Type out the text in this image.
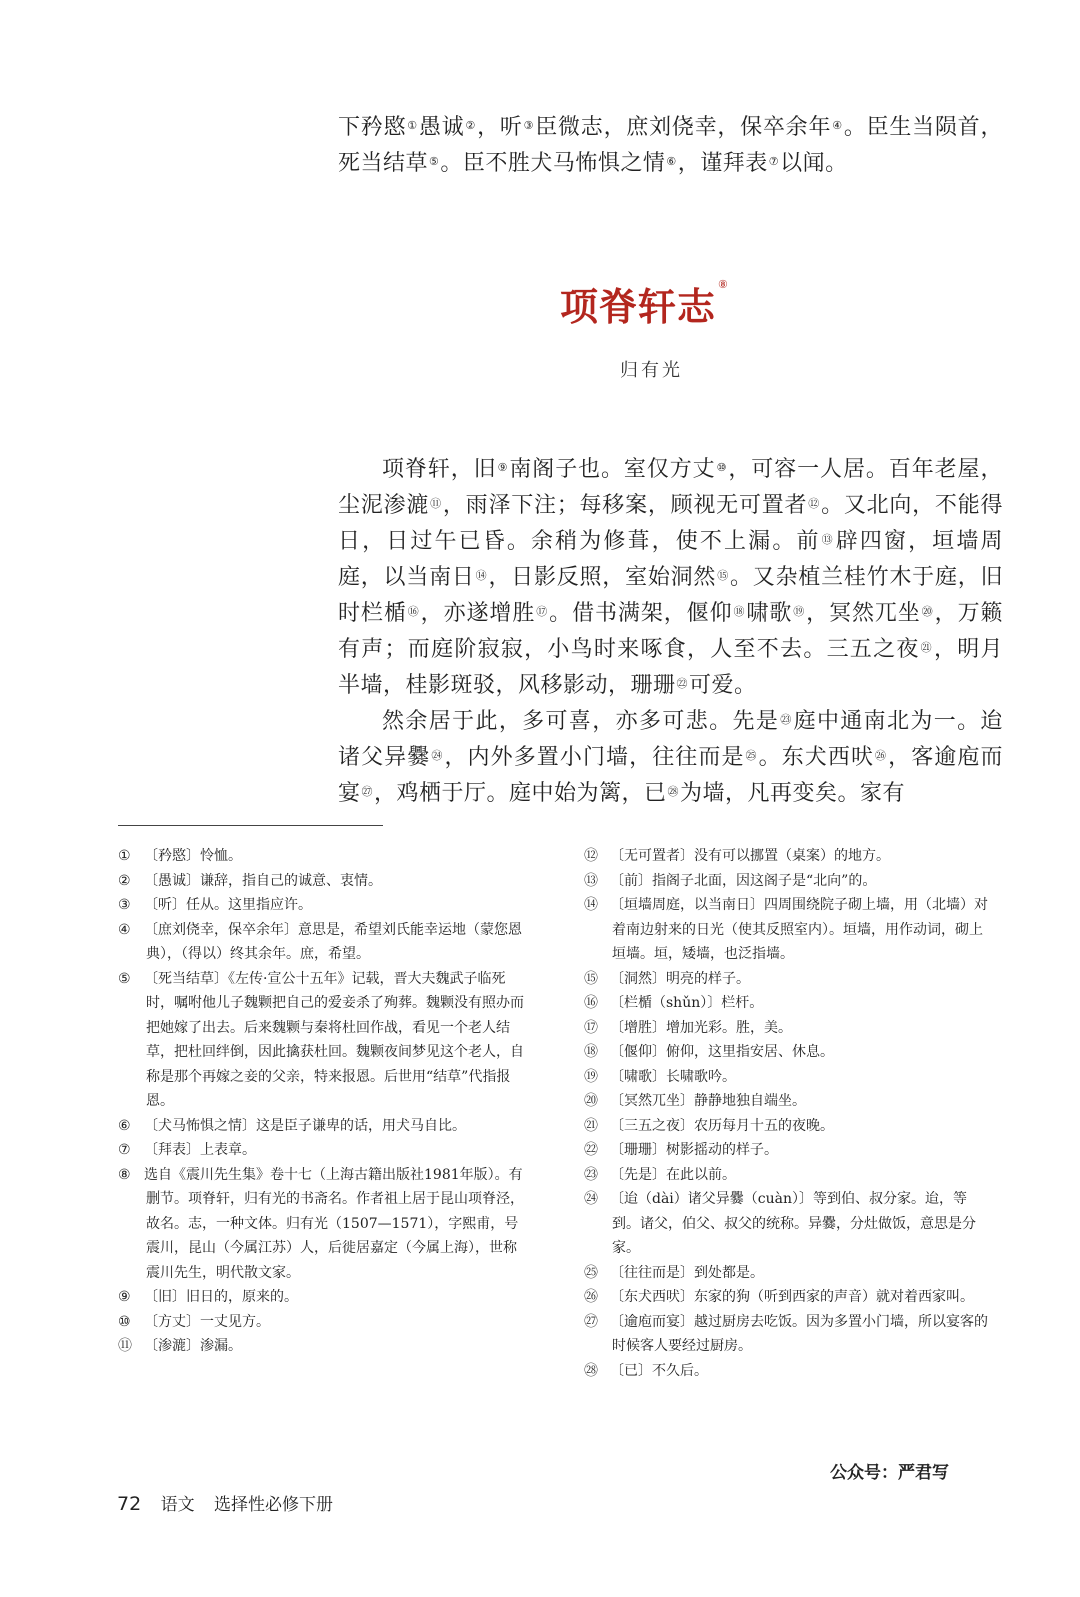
下矜愍①愚诚②，听③臣微志，庶刘侥幸，保卒余年④。臣生当陨首，死当结草⑤。臣不胜犬马怖惧之情⑥，谨拜表⑦以闻。

项脊轩志 ⑧
归有光

项脊轩，旧⑨南阁子也。室仅方丈⑩，可容一人居。百年老屋，尘泥渗漉⑪，雨泽下注；每移案，顾视无可置者⑫。又北向，不能得日，日过午已昏。余稍为修葺，使不上漏。前⑬辟四窗，垣墙周庭，以当南日⑭，日影反照，室始洞然⑮。又杂植兰桂竹木于庭，旧时栏楯⑯，亦遂增胜⑰。借书满架，偃仰⑱啸歌⑲，冥然兀坐⑳，万籁有声；而庭阶寂寂，小鸟时来啄食，人至不去。三五之夜$^㉑$，明月半墙，桂影斑驳，风移影动，珊珊$^㉒$可爱。

然余居于此，多可喜，亦多可悲。先是$^㉓$庭中通南北为一。迨诸父异爨$^㉔$，内外多置小门墙，往往而是$^㉕$。东犬西吠$^㉖$，客逾庖而宴$^㉗$，鸡栖于厅。庭中始为篱，已$^㉘$为墙，凡再变矣。家有

① 〔矜愍〕怜恤。
② 〔愚诚〕谦辞，指自己的诚意、衷情。
③ 〔听〕任从。这里指应许。
④ 〔庶刘侥幸，保卒余年〕意思是，希望刘氏能幸运地（蒙您恩典），（得以）终其余年。庶，希望。
⑤ 〔死当结草〕《左传·宣公十五年》记载，晋大夫魏武子临死时，嘱咐他儿子魏颗把自己的爱妾杀了殉葬。魏颗没有照办而把她嫁了出去。后来魏颗与秦将杜回作战，看见一个老人结草，把杜回绊倒，因此擒获杜回。魏颗夜间梦见这个老人，自称是那个再嫁之妾的父亲，特来报恩。后世用“结草”代指报恩。
⑥ 〔犬马怖惧之情〕这是臣子谦卑的话，用犬马自比。
⑦ 〔拜表〕上表章。
⑧ 选自《震川先生集》卷十七（上海古籍出版社1981年版）。有删节。项脊轩，归有光的书斋名。作者祖上居于昆山项脊泾，故名。志，一种文体。归有光（1507—1571），字熙甫，号震川，昆山（今属江苏）人，后徙居嘉定（今属上海），世称震川先生，明代散文家。
⑨ 〔旧〕旧日的，原来的。
⑩ 〔方丈〕一丈见方。
⑪ 〔渗漉〕渗漏。
⑫ 〔无可置者〕没有可以挪置（桌案）的地方。
⑬ 〔前〕指阁子北面，因这阁子是“北向”的。
⑭ 〔垣墙周庭，以当南日〕四周围绕院子砌上墙，用（北墙）对着南边射来的日光（使其反照室内）。垣墙，用作动词，砌上垣墙。垣，矮墙，也泛指墙。
⑮ 〔洞然〕明亮的样子。
⑯ 〔栏楯（shǔn）〕栏杆。
⑰ 〔增胜〕增加光彩。胜，美。
⑱ 〔偃仰〕俯仰，这里指安居、休息。
⑲ 〔啸歌〕长啸歌吟。
⑳ 〔冥然兀坐〕静静地独自端坐。
㉑ 〔三五之夜〕农历每月十五的夜晚。
㉒ 〔珊珊〕树影摇动的样子。
㉓ 〔先是〕在此以前。
㉔ 〔迨（dài）诸父异爨（cuàn）〕等到伯、叔分家。迨，等到。诸父，伯父、叔父的统称。异爨，分灶做饭，意思是分家。
㉕ 〔往往而是〕到处都是。
㉖ 〔东犬西吠〕东家的狗（听到西家的声音）就对着西家叫。
㉗ 〔逾庖而宴〕越过厨房去吃饭。因为多置小门墙，所以宴客的时候客人要经过厨房。
㉘ 〔已〕不久后。
公众号：严君写
72 语文 选择性必修下册
